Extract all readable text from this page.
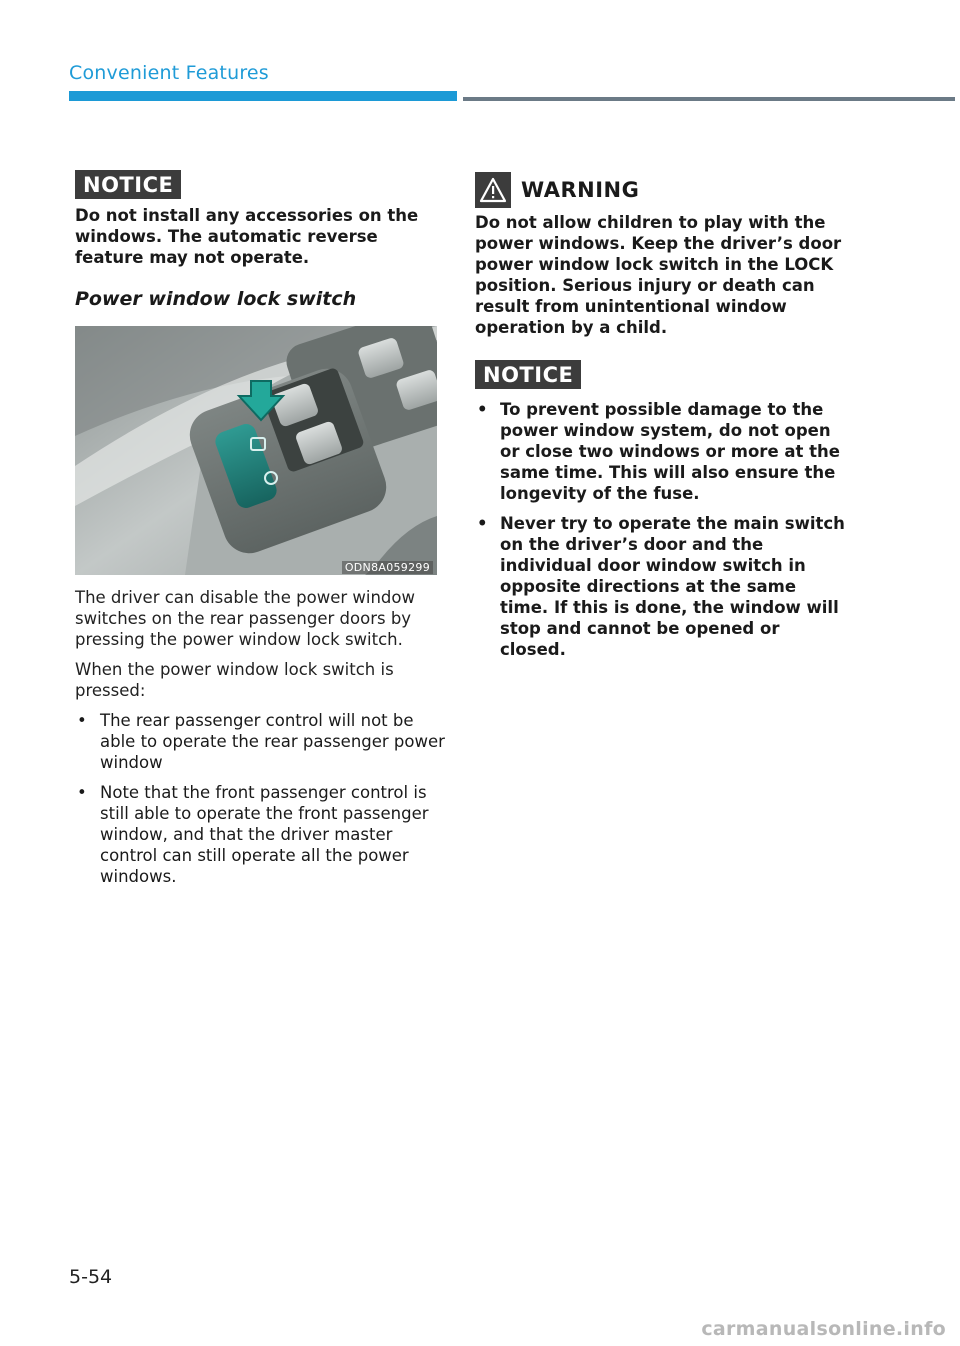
Convenient Features
NOTICE

Do not install any accessories on the windows. The automatic reverse feature may not operate.

Power window lock switch

ODN8A059299

The driver can disable the power window switches on the rear passenger doors by pressing the power window lock switch.

When the power window lock switch is pressed:

• The rear passenger control will not be able to operate the rear passenger power window
• Note that the front passenger control is still able to operate the front passenger window, and that the driver master control can still operate all the power windows.
WARNING

Do not allow children to play with the power windows. Keep the driver’s door power window lock switch in the LOCK position. Serious injury or death can result from unintentional window operation by a child.

NOTICE
• To prevent possible damage to the power window system, do not open or close two windows or more at the same time. This will also ensure the longevity of the fuse.
• Never try to operate the main switch on the driver’s door and the individual door window switch in opposite directions at the same time. If this is done, the window will stop and cannot be opened or closed.
5-54
carmanualsonline.info
